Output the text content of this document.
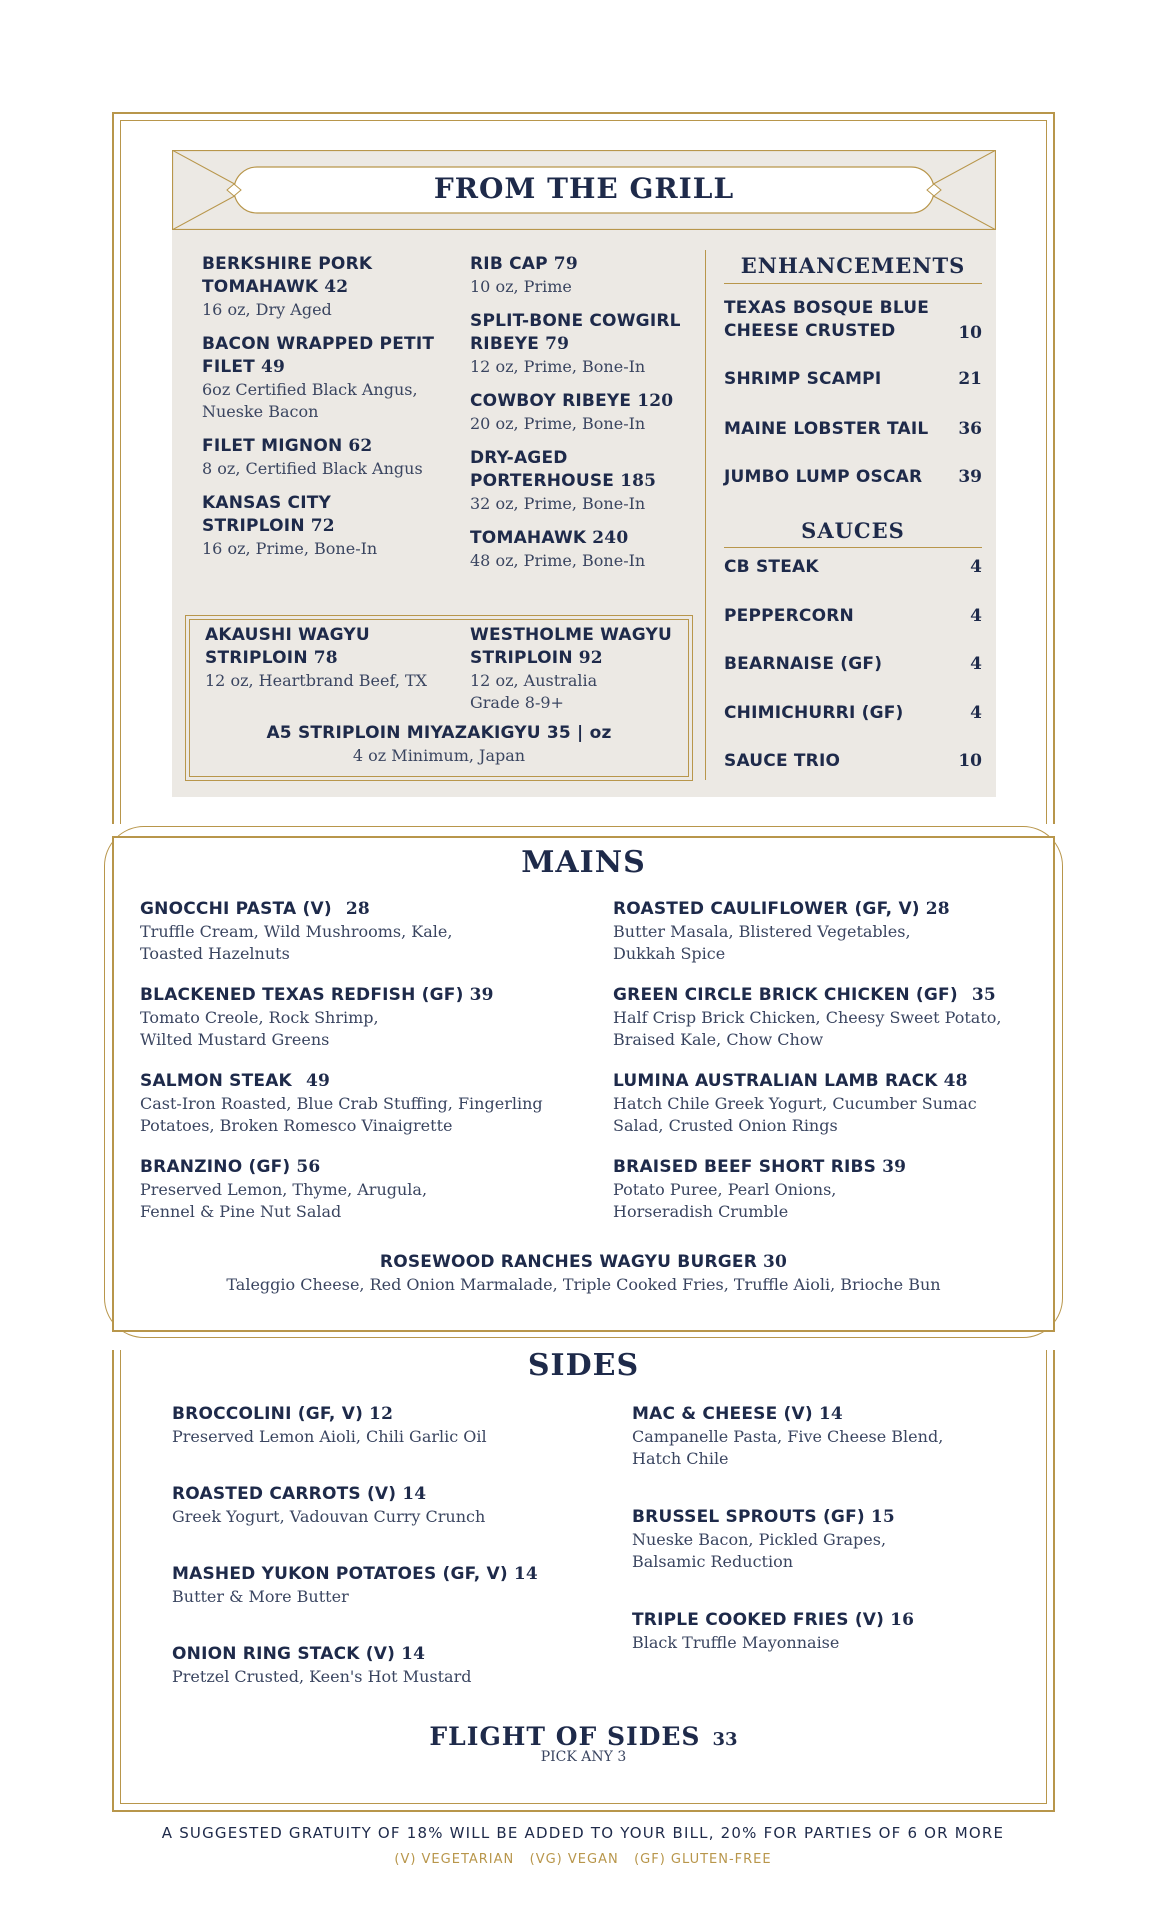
FROM THE GRILL
BERKSHIRE PORK TOMAHAWK 42
16 oz, Dry Aged
BACON WRAPPED PETIT FILET 49
6oz Certified Black Angus, Nueske Bacon
FILET MIGNON 62
8 oz, Certified Black Angus
KANSAS CITY STRIPLOIN 72
16 oz, Prime, Bone-In
RIB CAP 79
10 oz, Prime
SPLIT-BONE COWGIRL RIBEYE 79
12 oz, Prime, Bone-In
COWBOY RIBEYE 120
20 oz, Prime, Bone-In
DRY-AGED PORTERHOUSE 185
32 oz, Prime, Bone-In
TOMAHAWK 240
48 oz, Prime, Bone-In
AKAUSHI WAGYU STRIPLOIN 78
12 oz, Heartbrand Beef, TX
WESTHOLME WAGYU STRIPLOIN 92
12 oz, Australia Grade 8-9+
A5 STRIPLOIN MIYAZAKIGYU 35 | oz
4 oz Minimum, Japan
ENHANCEMENTS
TEXAS BOSQUE BLUE CHEESE CRUSTED	10
SHRIMP SCAMPI	21
MAINE LOBSTER TAIL 36
JUMBO LUMP OSCAR 39
SAUCES
CB STEAK	4
PEPPERCORN	4
BEARNAISE (GF)	4
CHIMICHURRI (GF)	4
SAUCE TRIO	10
MAINS
GNOCCHI PASTA (V) 28
Truffle Cream, Wild Mushrooms, Kale, Toasted Hazelnuts
BLACKENED TEXAS REDFISH (GF) 39
Tomato Creole, Rock Shrimp, Wilted Mustard Greens
SALMON STEAK 49
Cast-Iron Roasted, Blue Crab Stuffing, Fingerling Potatoes, Broken Romesco Vinaigrette
BRANZINO (GF) 56
Preserved Lemon, Thyme, Arugula, Fennel & Pine Nut Salad
ROASTED CAULIFLOWER (GF, V) 28
Butter Masala, Blistered Vegetables, Dukkah Spice
GREEN CIRCLE BRICK CHICKEN (GF) 35
Half Crisp Brick Chicken, Cheesy Sweet Potato, Braised Kale, Chow Chow
LUMINA AUSTRALIAN LAMB RACK 48
Hatch Chile Greek Yogurt, Cucumber Sumac Salad, Crusted Onion Rings
BRAISED BEEF SHORT RIBS 39
Potato Puree, Pearl Onions, Horseradish Crumble
ROSEWOOD RANCHES WAGYU BURGER 30
Taleggio Cheese, Red Onion Marmalade, Triple Cooked Fries, Truffle Aioli, Brioche Bun
SIDES
BROCCOLINI (GF, V) 12
Preserved Lemon Aioli, Chili Garlic Oil
ROASTED CARROTS (V) 14
Greek Yogurt, Vadouvan Curry Crunch
MASHED YUKON POTATOES (GF, V) 14
Butter & More Butter
ONION RING STACK (V) 14
Pretzel Crusted, Keen's Hot Mustard
MAC & CHEESE (V) 14
Campanelle Pasta, Five Cheese Blend, Hatch Chile
BRUSSEL SPROUTS (GF) 15
Nueske Bacon, Pickled Grapes, Balsamic Reduction
TRIPLE COOKED FRIES (V) 16
Black Truffle Mayonnaise
FLIGHT OF SIDES 33
PICK ANY 3
A SUGGESTED GRATUITY OF 18% WILL BE ADDED TO YOUR BILL, 20% FOR PARTIES OF 6 OR MORE
(V) VEGETARIAN   (VG) VEGAN   (GF) GLUTEN-FREE
